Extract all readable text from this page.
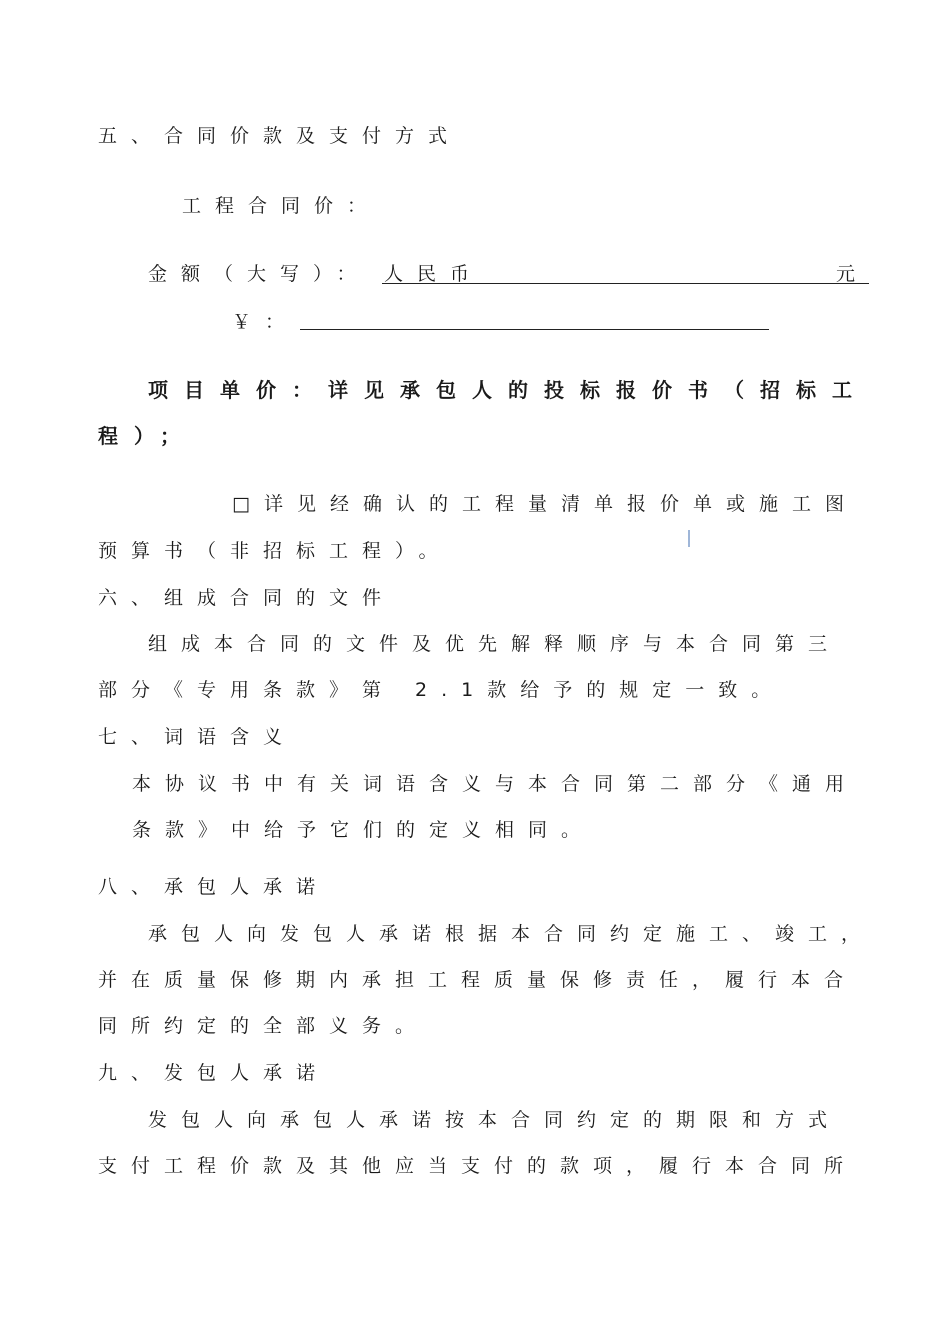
五、合同价款及支付方式
工程合同价：
金额（大写）： 人民币	元
￥：
项目单价：详见承包人的投标报价书（招标工
程）；
□详见经确认的工程量清单报价单或施工图
预算书（非招标工程）。
六、组成合同的文件
组成本合同的文件及优先解释顺序与本合同第三
部分《专用条款》第 2.1款给予的规定一致。
七、词语含义
本协议书中有关词语含义与本合同第二部分《通用
条款》中给予它们的定义相同。
八、承包人承诺
承包人向发包人承诺根据本合同约定施工、竣工，
并在质量保修期内承担工程质量保修责任，履行本合
同所约定的全部义务。
九、发包人承诺
发包人向承包人承诺按本合同约定的期限和方式
支付工程价款及其他应当支付的款项，履行本合同所
